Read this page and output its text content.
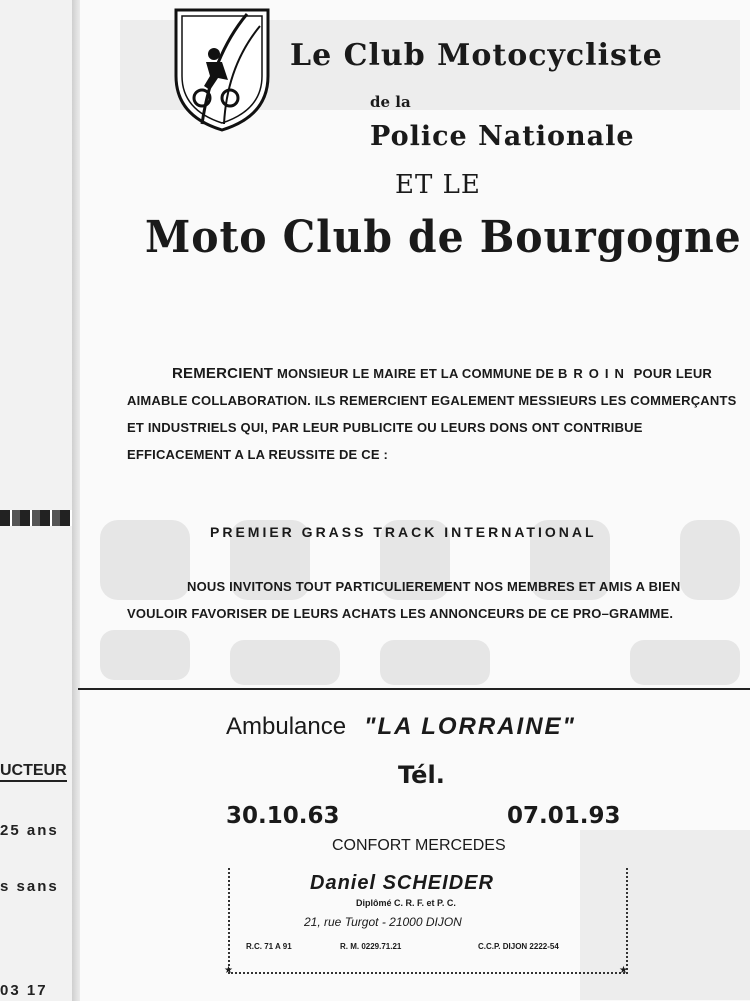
UCTEUR
25 ans
s sans
03 17
Le Club Motocycliste
de la
Police Nationale
ET LE
Moto Club de Bourgogne
REMERCIENT MONSIEUR LE MAIRE ET LA COMMUNE DE BROIN POUR LEUR AIMABLE COLLABORATION. ILS REMERCIENT EGALEMENT MESSIEURS LES COMMERÇANTS ET INDUSTRIELS QUI, PAR LEUR PUBLICITE OU LEURS DONS ONT CONTRIBUE EFFICACEMENT A LA REUSSITE DE CE :
PREMIER GRASS TRACK INTERNATIONAL
NOUS INVITONS TOUT PARTICULIEREMENT NOS MEMBRES ET AMIS A BIEN VOULOIR FAVORISER DE LEURS ACHATS LES ANNONCEURS DE CE PRO–GRAMME.
Ambulance "LA LORRAINE"
Tél.
30.10.63	07.01.93
CONFORT MERCEDES
Daniel SCHEIDER
Diplômé C. R. F. et P. C.
21, rue Turgot - 21000 DIJON
R.C. 71 A 91	R. M. 0229.71.21	C.C.P. DIJON 2222-54
★	★
